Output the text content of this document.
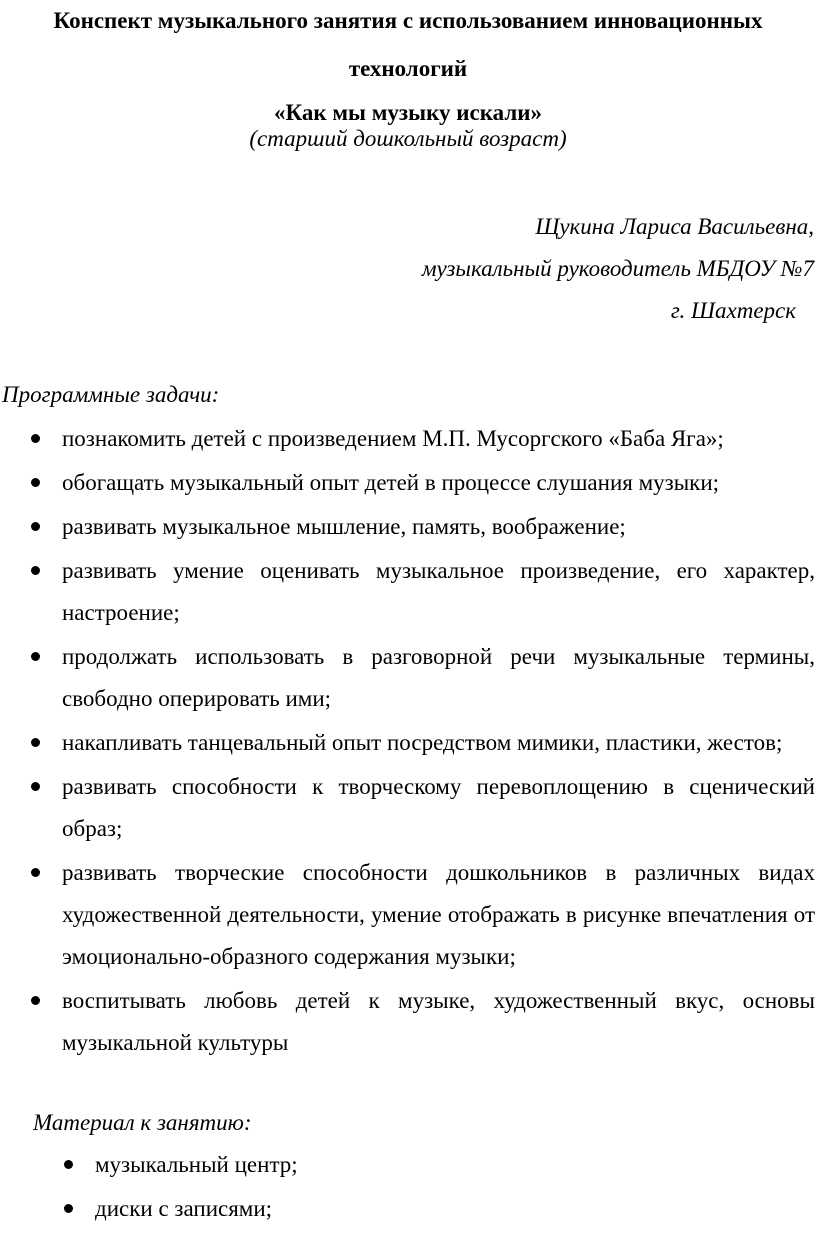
Конспект музыкального занятия с использованием инновационных
технологий
«Как мы музыку искали»
(старший дошкольный возраст)
Щукина Лариса Васильевна,
музыкальный руководитель МБДОУ №7
г. Шахтерск
Программные задачи:
познакомить детей с произведением М.П. Мусоргского «Баба Яга»;
обогащать музыкальный опыт детей в процессе слушания музыки;
развивать музыкальное мышление, память, воображение;
развивать умение оценивать музыкальное произведение, его характер, настроение;
продолжать использовать в разговорной речи музыкальные термины, свободно оперировать ими;
накапливать танцевальный опыт посредством мимики, пластики, жестов;
развивать способности к творческому перевоплощению в сценический образ;
развивать творческие способности дошкольников в различных видах художественной деятельности, умение отображать в рисунке впечатления от эмоционально-образного содержания музыки;
воспитывать любовь детей к музыке, художественный вкус, основы музыкальной культуры
Материал к занятию:
музыкальный центр;
диски с записями;
